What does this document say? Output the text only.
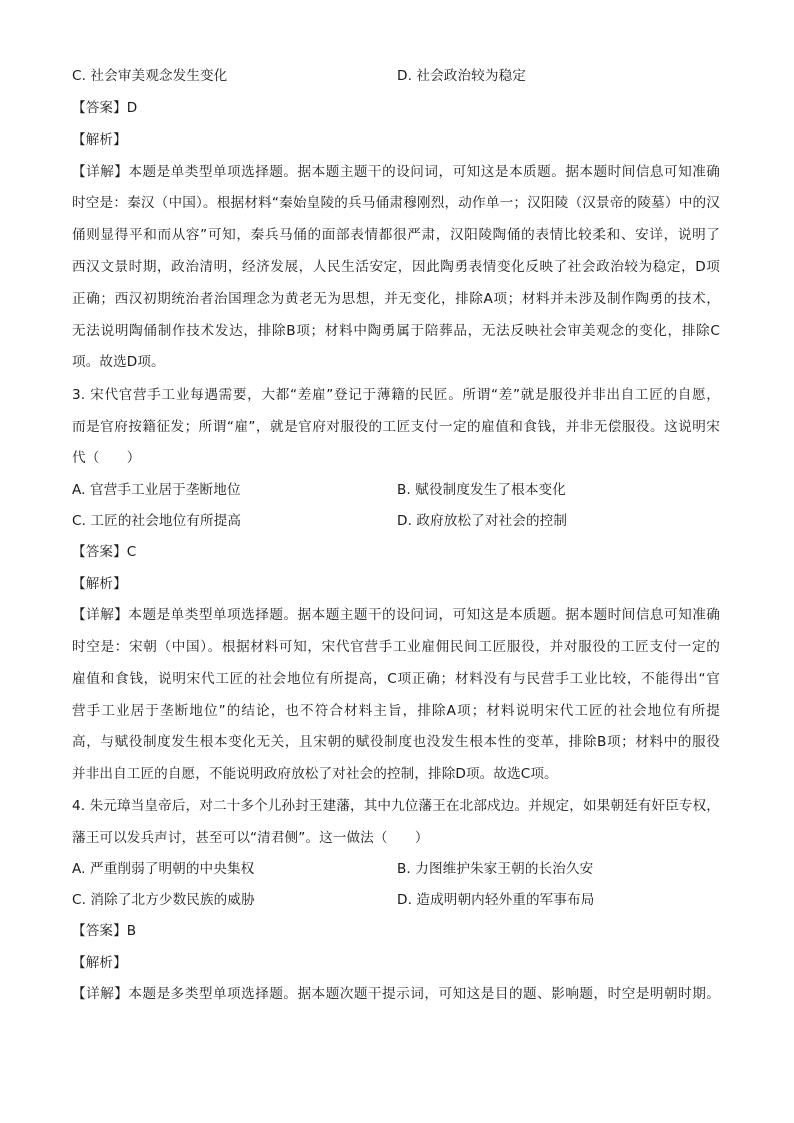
C. 社会审美观念发生变化	D. 社会政治较为稳定
【答案】D
【解析】
【详解】本题是单类型单项选择题。据本题主题干的设问词，可知这是本质题。据本题时间信息可知准确
时空是：秦汉（中国）。根据材料“秦始皇陵的兵马俑肃穆刚烈，动作单一；汉阳陵（汉景帝的陵墓）中的汉
俑则显得平和而从容”可知，秦兵马俑的面部表情都很严肃，汉阳陵陶俑的表情比较柔和、安详，说明了
西汉文景时期，政治清明，经济发展，人民生活安定，因此陶勇表情变化反映了社会政治较为稳定，D项
正确；西汉初期统治者治国理念为黄老无为思想，并无变化，排除A项；材料并未涉及制作陶勇的技术，
无法说明陶俑制作技术发达，排除B项；材料中陶勇属于陪葬品，无法反映社会审美观念的变化，排除C
项。故选D项。
3. 宋代官营手工业每遇需要，大都“差雇”登记于薄籍的民匠。所谓“差”就是服役并非出自工匠的自愿，
而是官府按籍征发；所谓“雇”，就是官府对服役的工匠支付一定的雇值和食钱，并非无偿服役。这说明宋
代（　　）
A. 官营手工业居于垄断地位	B. 赋役制度发生了根本变化
C. 工匠的社会地位有所提高	D. 政府放松了对社会的控制
【答案】C
【解析】
【详解】本题是单类型单项选择题。据本题主题干的设问词，可知这是本质题。据本题时间信息可知准确
时空是：宋朝（中国）。根据材料可知，宋代官营手工业雇佣民间工匠服役，并对服役的工匠支付一定的
雇值和食钱，说明宋代工匠的社会地位有所提高，C项正确；材料没有与民营手工业比较，不能得出“官
营手工业居于垄断地位”的结论，也不符合材料主旨，排除A项；材料说明宋代工匠的社会地位有所提
高，与赋役制度发生根本变化无关，且宋朝的赋役制度也没发生根本性的变革，排除B项；材料中的服役
并非出自工匠的自愿，不能说明政府放松了对社会的控制，排除D项。故选C项。
4. 朱元璋当皇帝后，对二十多个儿孙封王建藩，其中九位藩王在北部戍边。并规定，如果朝廷有奸臣专权，
藩王可以发兵声讨，甚至可以“清君侧”。这一做法（　　）
A. 严重削弱了明朝的中央集权	B. 力图维护朱家王朝的长治久安
C. 消除了北方少数民族的威胁	D. 造成明朝内轻外重的军事布局
【答案】B
【解析】
【详解】本题是多类型单项选择题。据本题次题干提示词，可知这是目的题、影响题，时空是明朝时期。
